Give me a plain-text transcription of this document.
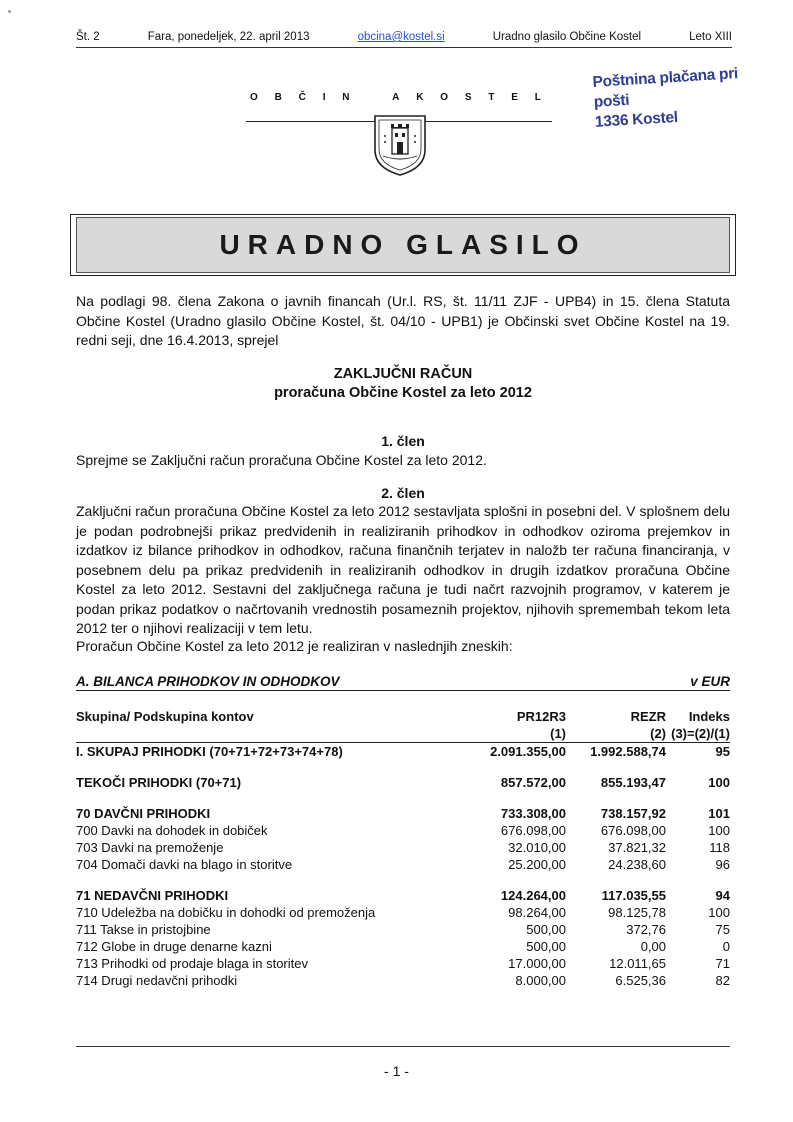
Št. 2	Fara, ponedeljek, 22. april 2013	obcina@kostel.si	Uradno glasilo Občine Kostel	Leto XIII
O B Č I N	A K O S T E L
Poštnina plačana pri pošti
1336 Kostel
URADNO GLASILO
Na podlagi 98. člena Zakona o javnih financah (Ur.l. RS, št. 11/11 ZJF - UPB4) in 15. člena Statuta Občine Kostel (Uradno glasilo Občine Kostel, št. 04/10 - UPB1) je Občinski svet Občine Kostel na 19. redni seji, dne 16.4.2013, sprejel
ZAKLJUČNI RAČUN
proračuna Občine Kostel za leto 2012
1. člen
Sprejme se Zaključni račun proračuna Občine Kostel za leto 2012.
2. člen
Zaključni račun proračuna Občine Kostel za leto 2012 sestavljata splošni in posebni del. V splošnem delu je podan podrobnejši prikaz predvidenih in realiziranih prihodkov in odhodkov oziroma prejemkov in izdatkov iz bilance prihodkov in odhodkov, računa finančnih terjatev in naložb ter računa financiranja, v posebnem delu pa prikaz predvidenih in realiziranih odhodkov in drugih izdatkov proračuna Občine Kostel za leto 2012. Sestavni del zaključnega računa je tudi načrt razvojnih programov, v katerem je podan prikaz podatkov o načrtovanih vrednostih posameznih projektov, njihovih spremembah tekom leta 2012 ter o njihovi realizaciji v tem letu.
Proračun Občine Kostel za leto 2012 je realiziran v naslednjih zneskih:
A. BILANCA PRIHODKOV IN ODHODKOV	v EUR
Skupina/ Podskupina kontov	PR12R3	REZR	Indeks
	(1)	(2)	(3)=(2)/(1)
I. SKUPAJ PRIHODKI (70+71+72+73+74+78)	2.091.355,00	1.992.588,74	95

TEKOČI PRIHODKI (70+71)	857.572,00	855.193,47	100

70 DAVČNI PRIHODKI	733.308,00	738.157,92	101
700 Davki na dohodek in dobiček	676.098,00	676.098,00	100
703 Davki na premoženje	32.010,00	37.821,32	118
704 Domači davki na blago in storitve	25.200,00	24.238,60	96

71 NEDAVČNI PRIHODKI	124.264,00	117.035,55	94
710 Udeležba na dobičku in dohodki od premoženja	98.264,00	98.125,78	100
711 Takse in pristojbine	500,00	372,76	75
712 Globe in druge denarne kazni	500,00	0,00	0
713 Prihodki od prodaje blaga in storitev	17.000,00	12.011,65	71
714 Drugi nedavčni prihodki	8.000,00	6.525,36	82
- 1 -
